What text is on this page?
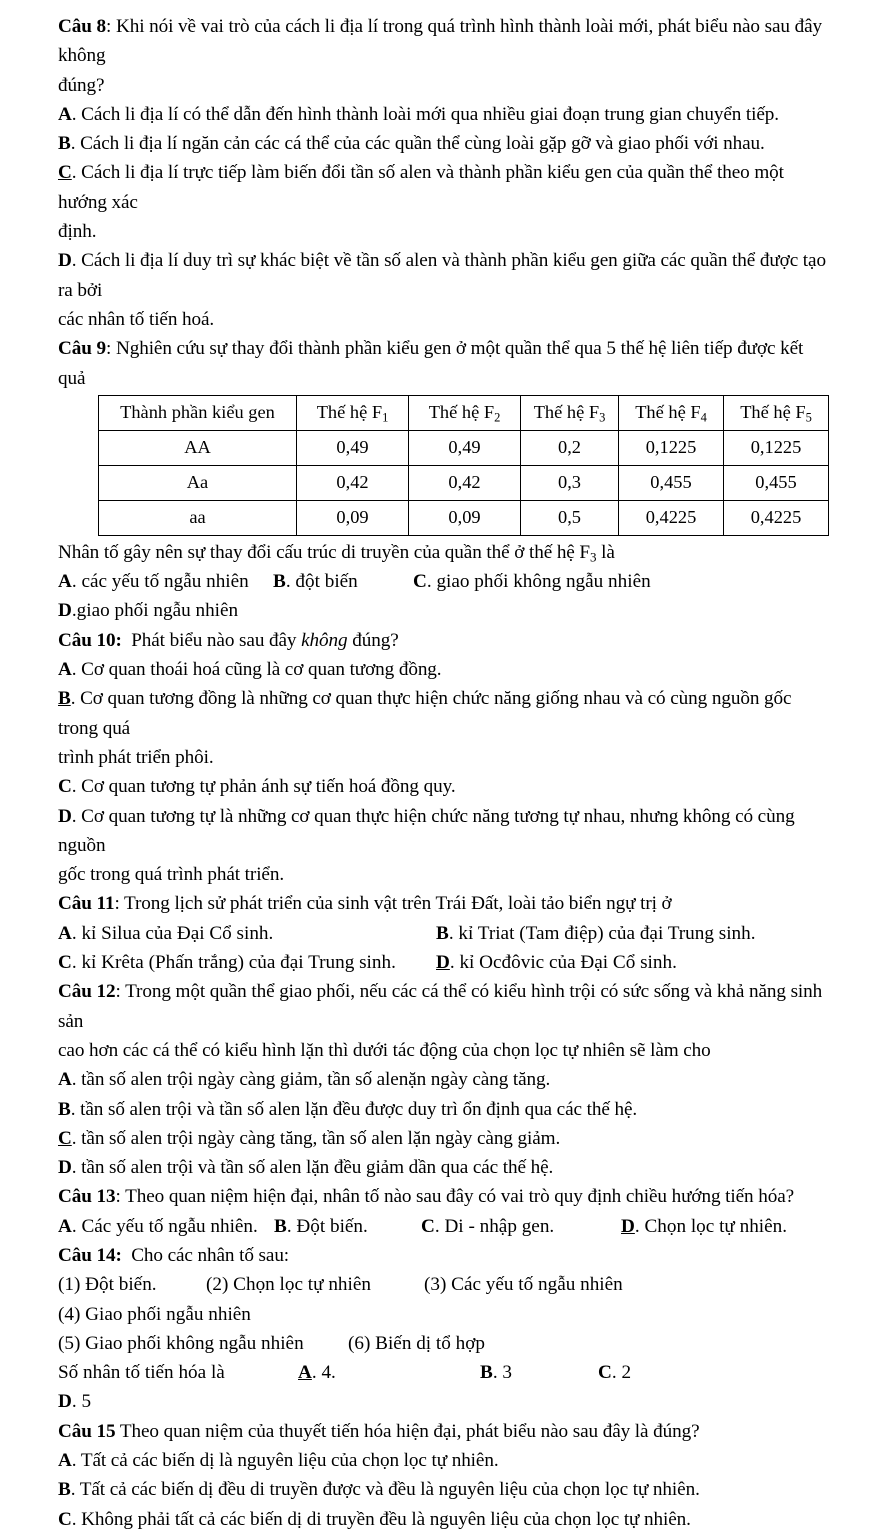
Câu 8: Khi nói về vai trò của cách li địa lí trong quá trình hình thành loài mới, phát biểu nào sau đây không
đúng?
A. Cách li địa lí có thể dẫn đến hình thành loài mới qua nhiều giai đoạn trung gian chuyển tiếp.
B. Cách li địa lí ngăn cản các cá thể của các quần thể cùng loài gặp gỡ và giao phối với nhau.
C. Cách li địa lí trực tiếp làm biến đổi tần số alen và thành phần kiểu gen của quần thể theo một hướng xác
định.
D. Cách li địa lí duy trì sự khác biệt về tần số alen và thành phần kiểu gen giữa các quần thể được tạo ra bởi
các nhân tố tiến hoá.
Câu 9: Nghiên cứu sự thay đổi thành phần kiểu gen ở một quần thể qua 5 thế hệ liên tiếp được kết quả
Thành phần kiểu gen	Thế hệ $F_1$	Thế hệ $F_2$	Thế hệ $F_3$	Thế hệ $F_4$	Thế hệ $F_5$
AA	0,49	0,49	0,2	0,1225	0,1225
Aa	0,42	0,42	0,3	0,455	0,455
aa	0,09	0,09	0,5	0,4225	0,4225
Nhân tố gây nên sự thay đổi cấu trúc di truyền của quần thể ở thế hệ $F_3$ là
A. các yếu tố ngẫu nhiên B. đột biến	C. giao phối không ngẫu nhiênD.giao phối ngẫu nhiên
Câu 10:  Phát biểu nào sau đây không đúng?
A. Cơ quan thoái hoá cũng là cơ quan tương đồng.
B. Cơ quan tương đồng là những cơ quan thực hiện chức năng giống nhau và có cùng nguồn gốc trong quá
trình phát triển phôi.
C. Cơ quan tương tự phản ánh sự tiến hoá đồng quy.
D. Cơ quan tương tự là những cơ quan thực hiện chức năng tương tự nhau, nhưng không có cùng nguồn
gốc trong quá trình phát triển.
Câu 11: Trong lịch sử phát triển của sinh vật trên Trái Đất, loài tảo biển ngự trị ở
A. kỉ Silua của Đại Cổ sinh.	B. kỉ Triat (Tam điệp) của đại Trung sinh.
C. kỉ Krêta (Phấn trắng) của đại Trung sinh. D. kỉ Ocđôvic của Đại Cổ sinh.
Câu 12: Trong một quần thể giao phối, nếu các cá thể có kiểu hình trội có sức sống và khả năng sinh sản
cao hơn các cá thể có kiểu hình lặn thì dưới tác động của chọn lọc tự nhiên sẽ làm cho
A. tần số alen trội ngày càng giảm, tần số alenặn ngày càng tăng.
B. tần số alen trội và tần số alen lặn đều được duy trì ổn định qua các thế hệ.
C. tần số alen trội ngày càng tăng, tần số alen lặn ngày càng giảm.
D. tần số alen trội và tần số alen lặn đều giảm dần qua các thế hệ.
Câu 13: Theo quan niệm hiện đại, nhân tố nào sau đây có vai trò quy định chiều hướng tiến hóa?
A. Các yếu tố ngẫu nhiên. B. Đột biến.	C. Di - nhập gen.	D. Chọn lọc tự nhiên.
Câu 14:  Cho các nhân tố sau:
(1) Đột biến.	(2) Chọn lọc tự nhiên	(3) Các yếu tố ngẫu nhiên(4) Giao phối ngẫu nhiên
(5) Giao phối không ngẫu nhiên (6) Biến dị tổ hợp
Số nhân tố tiến hóa là	A. 4.	B. 3	C. 2D. 5
Câu 15 Theo quan niệm của thuyết tiến hóa hiện đại, phát biểu nào sau đây là đúng?
A. Tất cả các biến dị là nguyên liệu của chọn lọc tự nhiên.
B. Tất cả các biến dị đều di truyền được và đều là nguyên liệu của chọn lọc tự nhiên.
C. Không phải tất cả các biến dị di truyền đều là nguyên liệu của chọn lọc tự nhiên.
